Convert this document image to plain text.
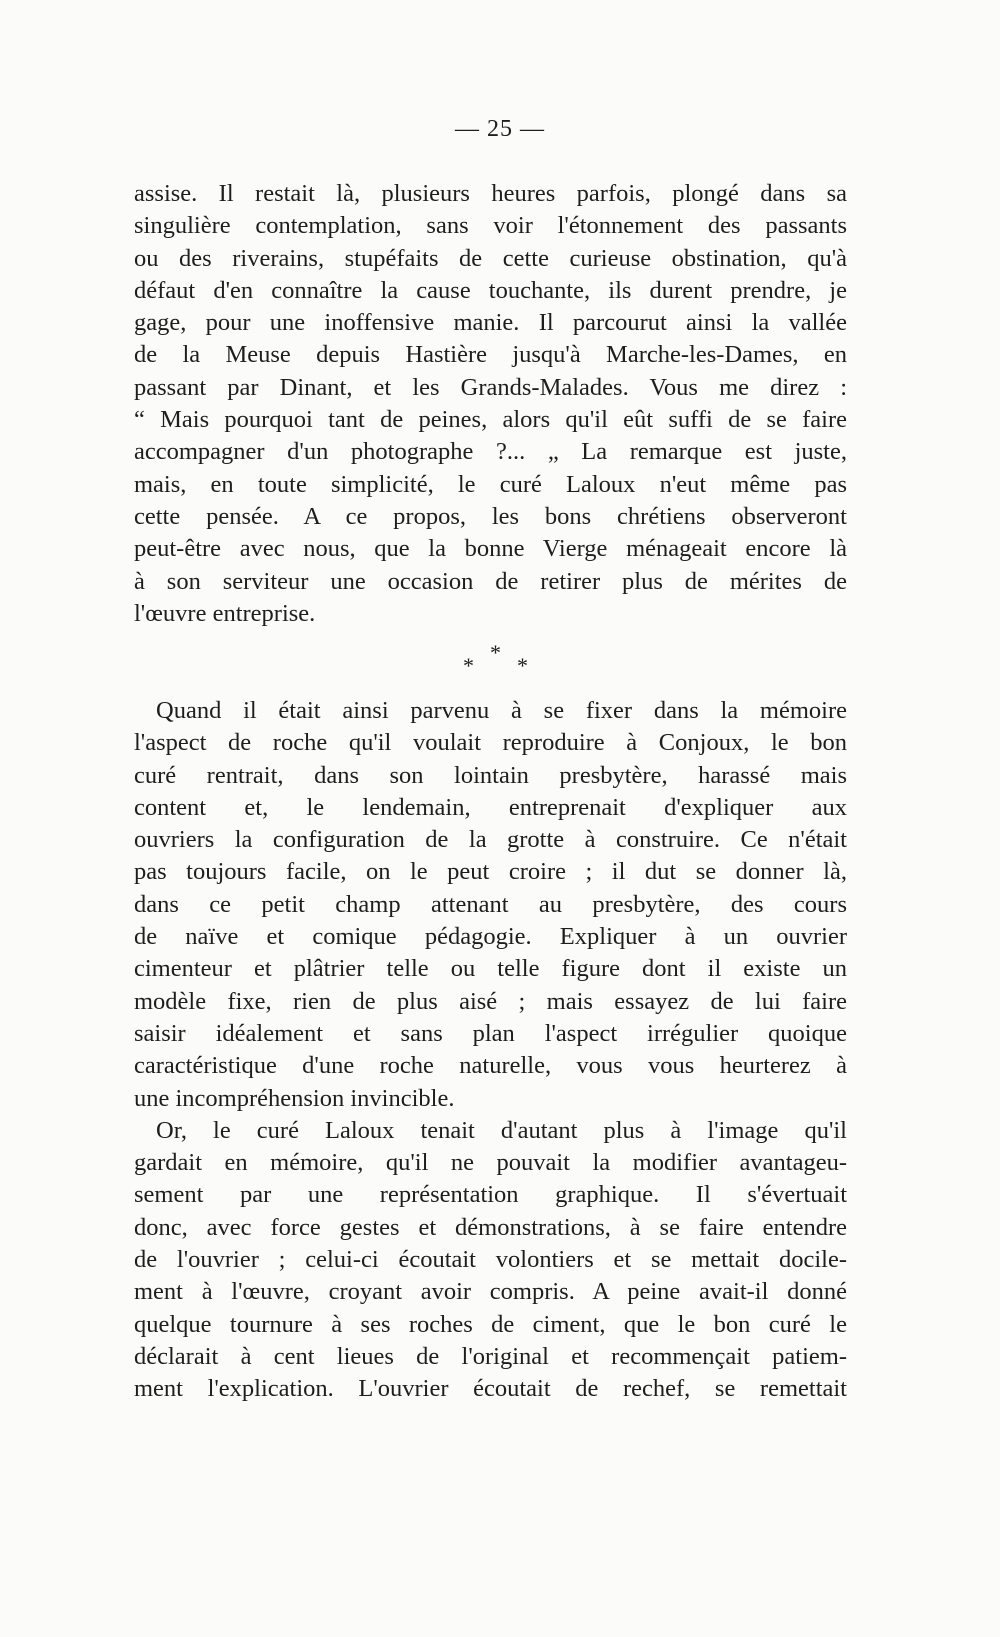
— 25 —
assise. Il restait là, plusieurs heures parfois, plongé dans sa
singulière contemplation, sans voir l'étonnement des passants
ou des riverains, stupéfaits de cette curieuse obstination, qu'à
défaut d'en connaître la cause touchante, ils durent prendre, je
gage, pour une inoffensive manie. Il parcourut ainsi la vallée
de la Meuse depuis Hastière jusqu'à Marche-les-Dames, en
passant par Dinant, et les Grands-Malades. Vous me direz :
“ Mais pourquoi tant de peines, alors qu'il eût suffi de se faire
accompagner d'un photographe ?... „ La remarque est juste,
mais, en toute simplicité, le curé Laloux n'eut même pas
cette pensée. A ce propos, les bons chrétiens observeront
peut-être avec nous, que la bonne Vierge ménageait encore là
à son serviteur une occasion de retirer plus de mérites de
l'œuvre entreprise.
*
* *
Quand il était ainsi parvenu à se fixer dans la mémoire
l'aspect de roche qu'il voulait reproduire à Conjoux, le bon
curé rentrait, dans son lointain presbytère, harassé mais
content et, le lendemain, entreprenait d'expliquer aux
ouvriers la configuration de la grotte à construire. Ce n'était
pas toujours facile, on le peut croire ; il dut se donner là,
dans ce petit champ attenant au presbytère, des cours
de naïve et comique pédagogie. Expliquer à un ouvrier
cimenteur et plâtrier telle ou telle figure dont il existe un
modèle fixe, rien de plus aisé ; mais essayez de lui faire
saisir idéalement et sans plan l'aspect irrégulier quoique
caractéristique d'une roche naturelle, vous vous heurterez à
une incompréhension invincible.
Or, le curé Laloux tenait d'autant plus à l'image qu'il
gardait en mémoire, qu'il ne pouvait la modifier avantageu-
sement par une représentation graphique. Il s'évertuait
donc, avec force gestes et démonstrations, à se faire entendre
de l'ouvrier ; celui-ci écoutait volontiers et se mettait docile-
ment à l'œuvre, croyant avoir compris. A peine avait-il donné
quelque tournure à ses roches de ciment, que le bon curé le
déclarait à cent lieues de l'original et recommençait patiem-
ment l'explication. L'ouvrier écoutait de rechef, se remettait
